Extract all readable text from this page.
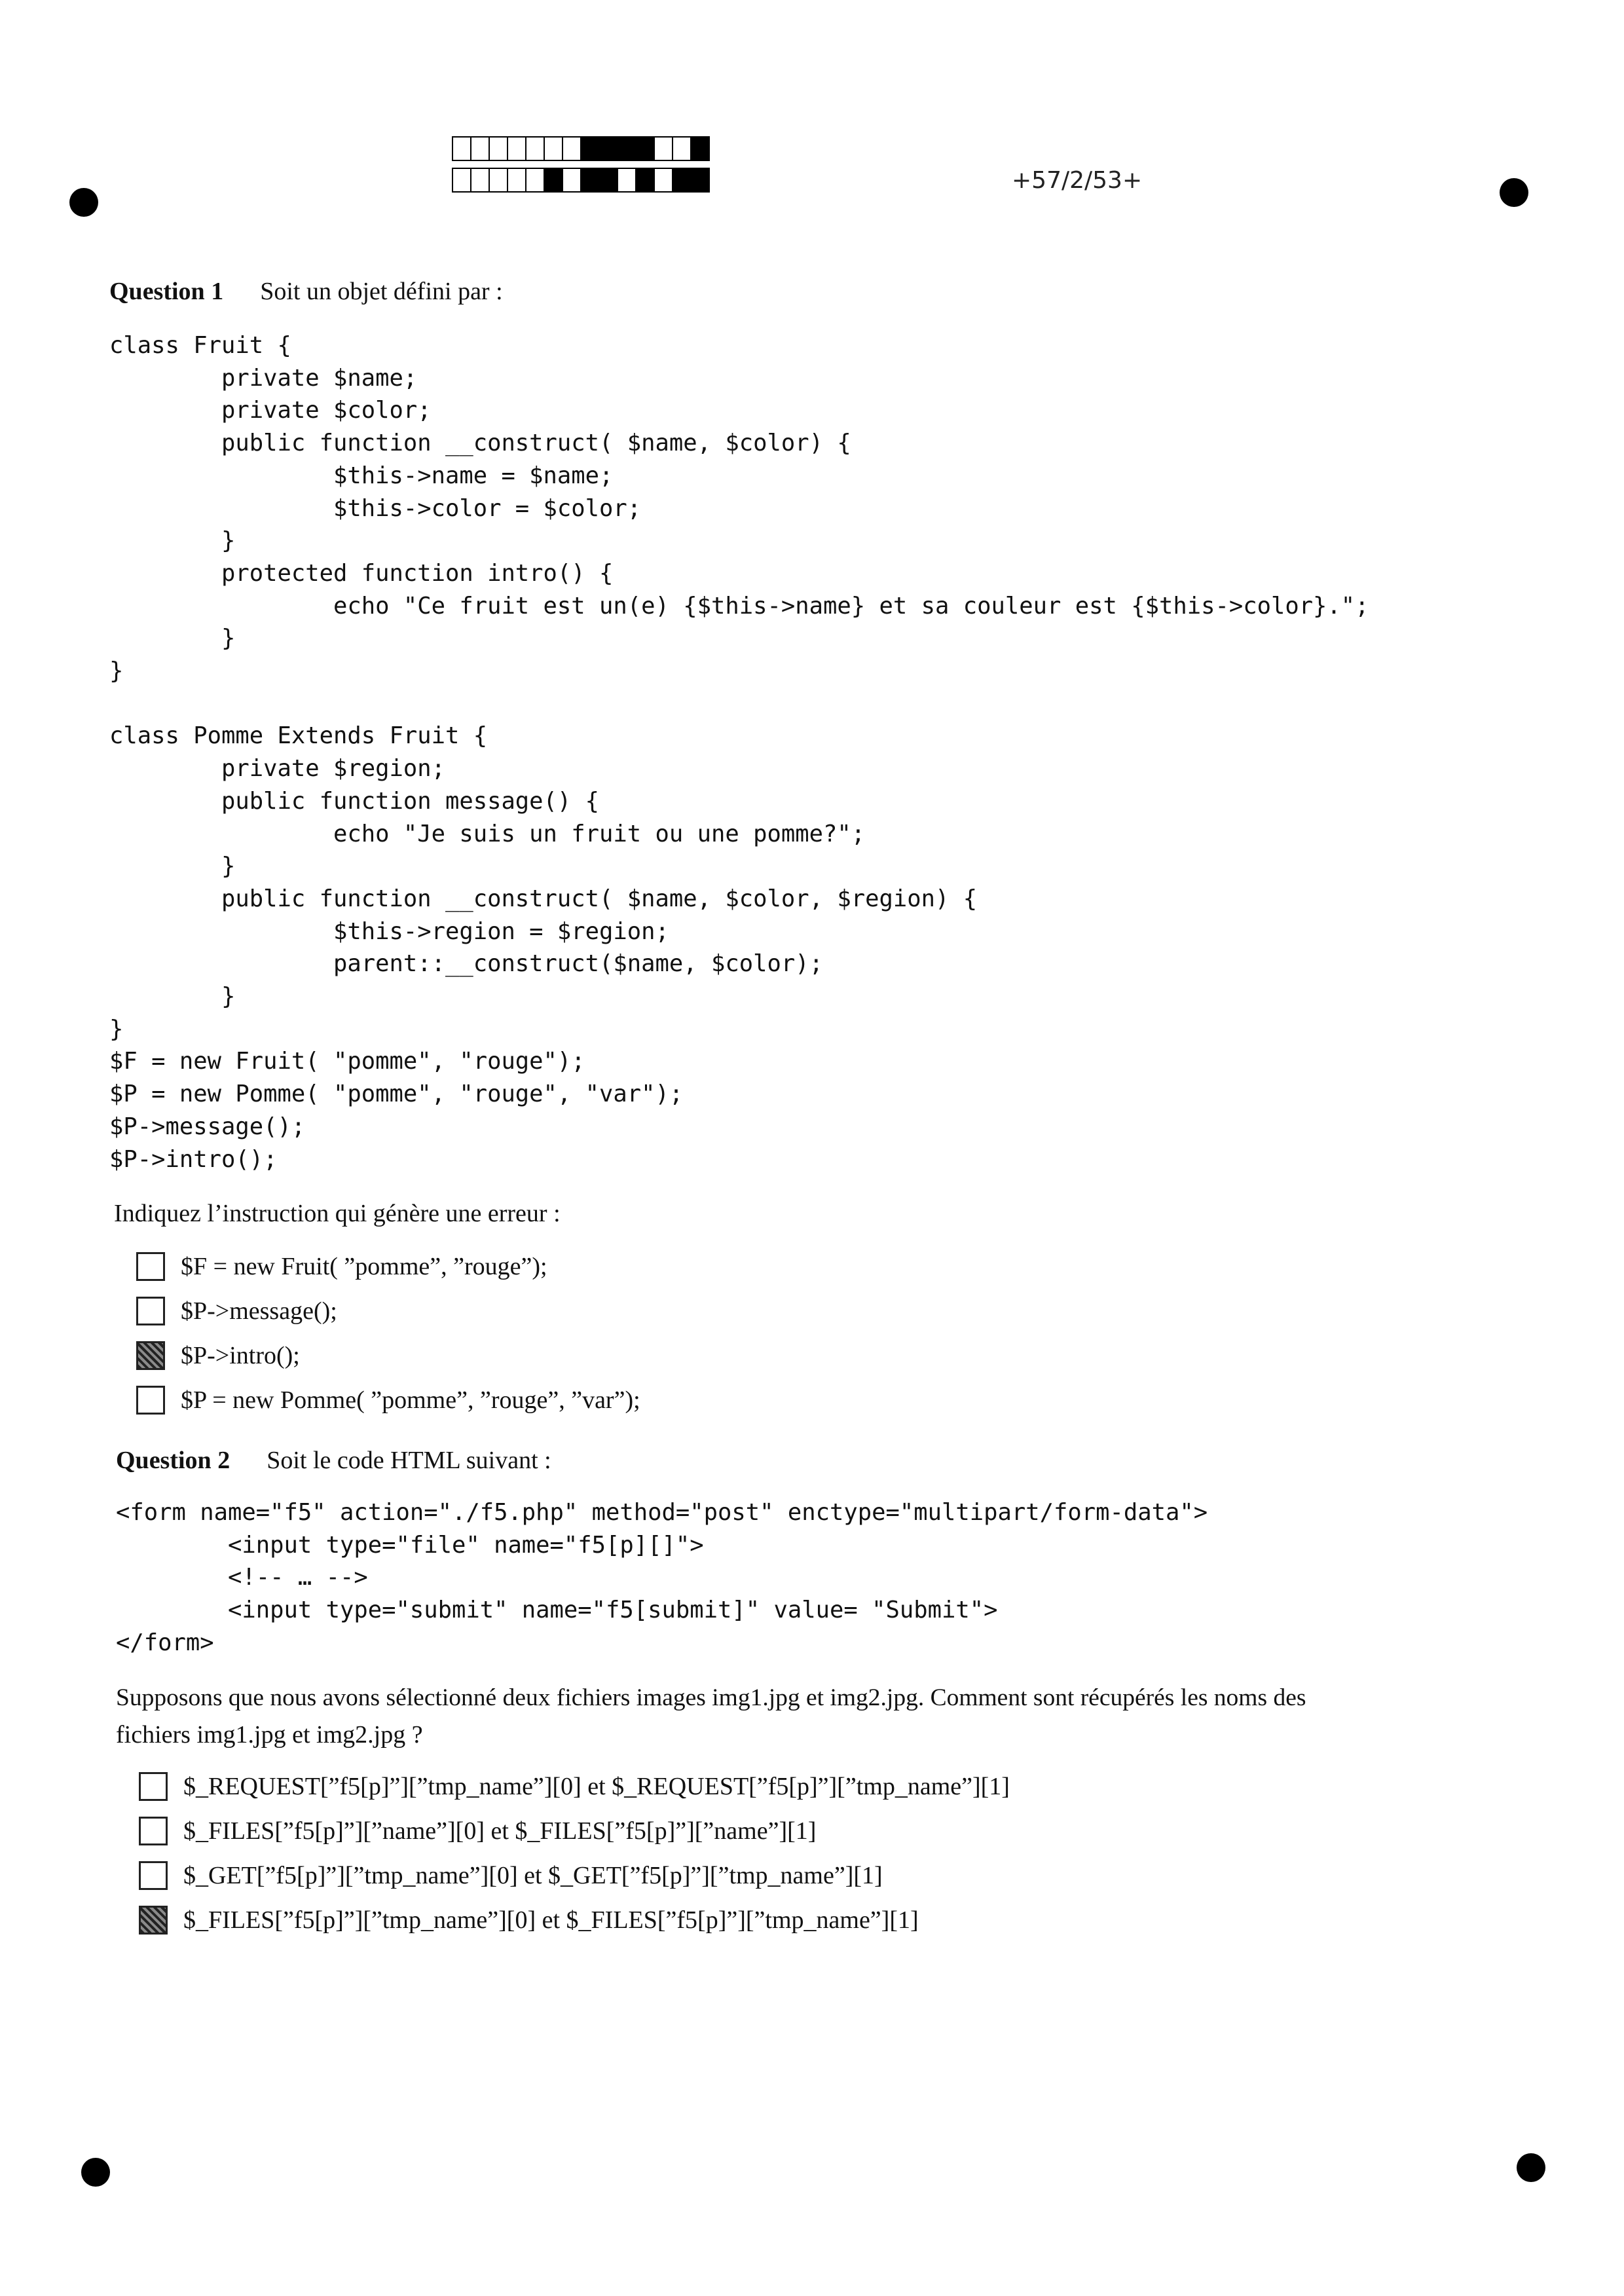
+57/2/53+
Question 1 Soit un objet défini par :
class Fruit {
private $name;
private $color;
public function __construct( $name, $color) {
$this->name = $name;
$this->color = $color;
}
protected function intro() {
echo "Ce fruit est un(e) {$this->name} et sa couleur est {$this->color}.";
}
}

class Pomme Extends Fruit {
private $region;
public function message() {
echo "Je suis un fruit ou une pomme?";
}
public function __construct( $name, $color, $region) {
$this->region = $region;
parent::__construct($name, $color);
}
}
$F = new Fruit( "pomme", "rouge");
$P = new Pomme( "pomme", "rouge", "var");
$P->message();
$P->intro();
Indiquez l’instruction qui génère une erreur :
$F = new Fruit( ”pomme”, ”rouge”);
$P->message();
$P->intro();
$P = new Pomme( ”pomme”, ”rouge”, ”var”);
Question 2 Soit le code HTML suivant :
<form name="f5" action="./f5.php" method="post" enctype="multipart/form-data">
<input type="file" name="f5[p][]">
<!-- … -->
<input type="submit" name="f5[submit]" value= "Submit">
</form>
Supposons que nous avons sélectionné deux fichiers images img1.jpg et img2.jpg. Comment sont récupérés les noms des
fichiers img1.jpg et img2.jpg ?
$_REQUEST[”f5[p]”][”tmp_name”][0] et $_REQUEST[”f5[p]”][”tmp_name”][1]
$_FILES[”f5[p]”][”name”][0] et $_FILES[”f5[p]”][”name”][1]
$_GET[”f5[p]”][”tmp_name”][0] et $_GET[”f5[p]”][”tmp_name”][1]
$_FILES[”f5[p]”][”tmp_name”][0] et $_FILES[”f5[p]”][”tmp_name”][1]
